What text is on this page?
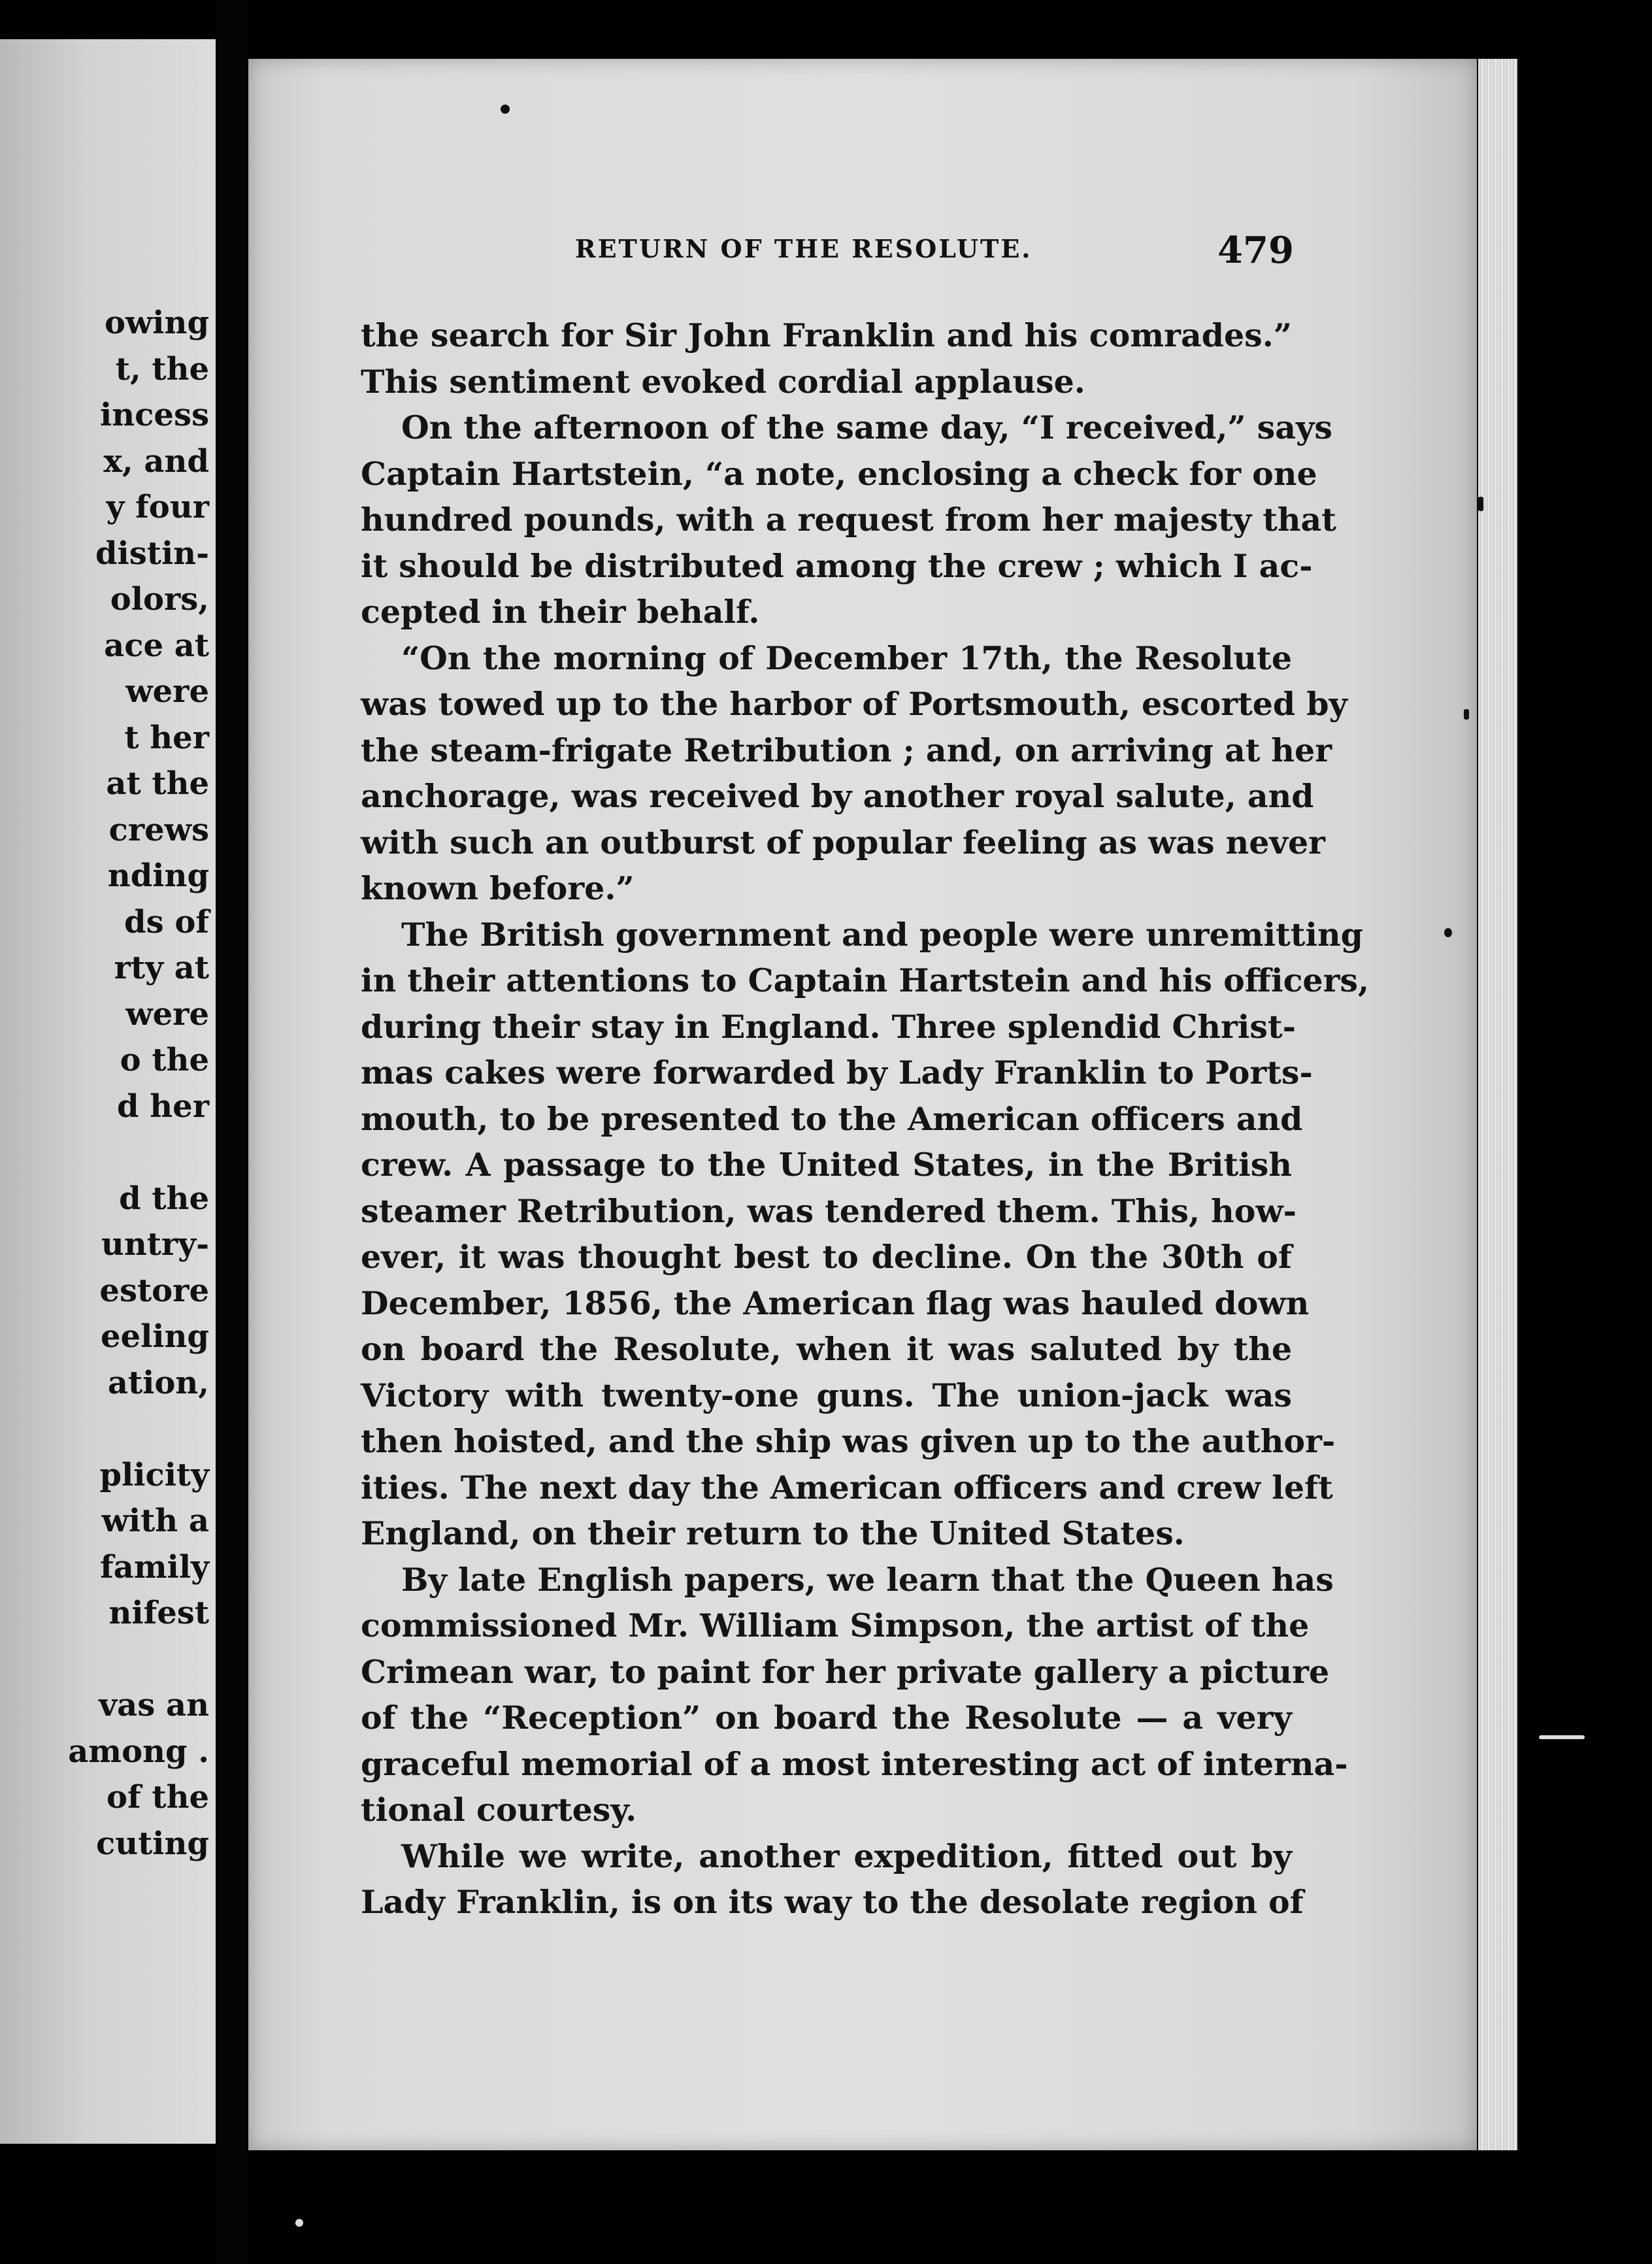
owing
t, the
incess
x, and
y four
distin-
olors,
ace at
were
t her
at the
crews
nding
ds of
rty at
were
o the
d her
d the
untry-
estore
eeling
ation,
plicity
with a
family
nifest
vas an
among .
of the
cuting
RETURN OF THE RESOLUTE.	479
the search for Sir John Franklin and his comrades.”
This sentiment evoked cordial applause.
On the afternoon of the same day, “I received,” says
Captain Hartstein, “a note, enclosing a check for one
hundred pounds, with a request from her majesty that
it should be distributed among the crew ; which I ac-
cepted in their behalf.
“On the morning of December 17th, the Resolute
was towed up to the harbor of Portsmouth, escorted by
the steam-frigate Retribution ; and, on arriving at her
anchorage, was received by another royal salute, and
with such an outburst of popular feeling as was never
known before.”
The British government and people were unremitting
in their attentions to Captain Hartstein and his officers,
during their stay in England. Three splendid Christ-
mas cakes were forwarded by Lady Franklin to Ports-
mouth, to be presented to the American officers and
crew. A passage to the United States, in the British
steamer Retribution, was tendered them. This, how-
ever, it was thought best to decline. On the 30th of
December, 1856, the American flag was hauled down
on board the Resolute, when it was saluted by the
Victory with twenty-one guns. The union-jack was
then hoisted, and the ship was given up to the author-
ities. The next day the American officers and crew left
England, on their return to the United States.
By late English papers, we learn that the Queen has
commissioned Mr. William Simpson, the artist of the
Crimean war, to paint for her private gallery a picture
of the “Reception” on board the Resolute — a very
graceful memorial of a most interesting act of interna-
tional courtesy.
While we write, another expedition, fitted out by
Lady Franklin, is on its way to the desolate region of
